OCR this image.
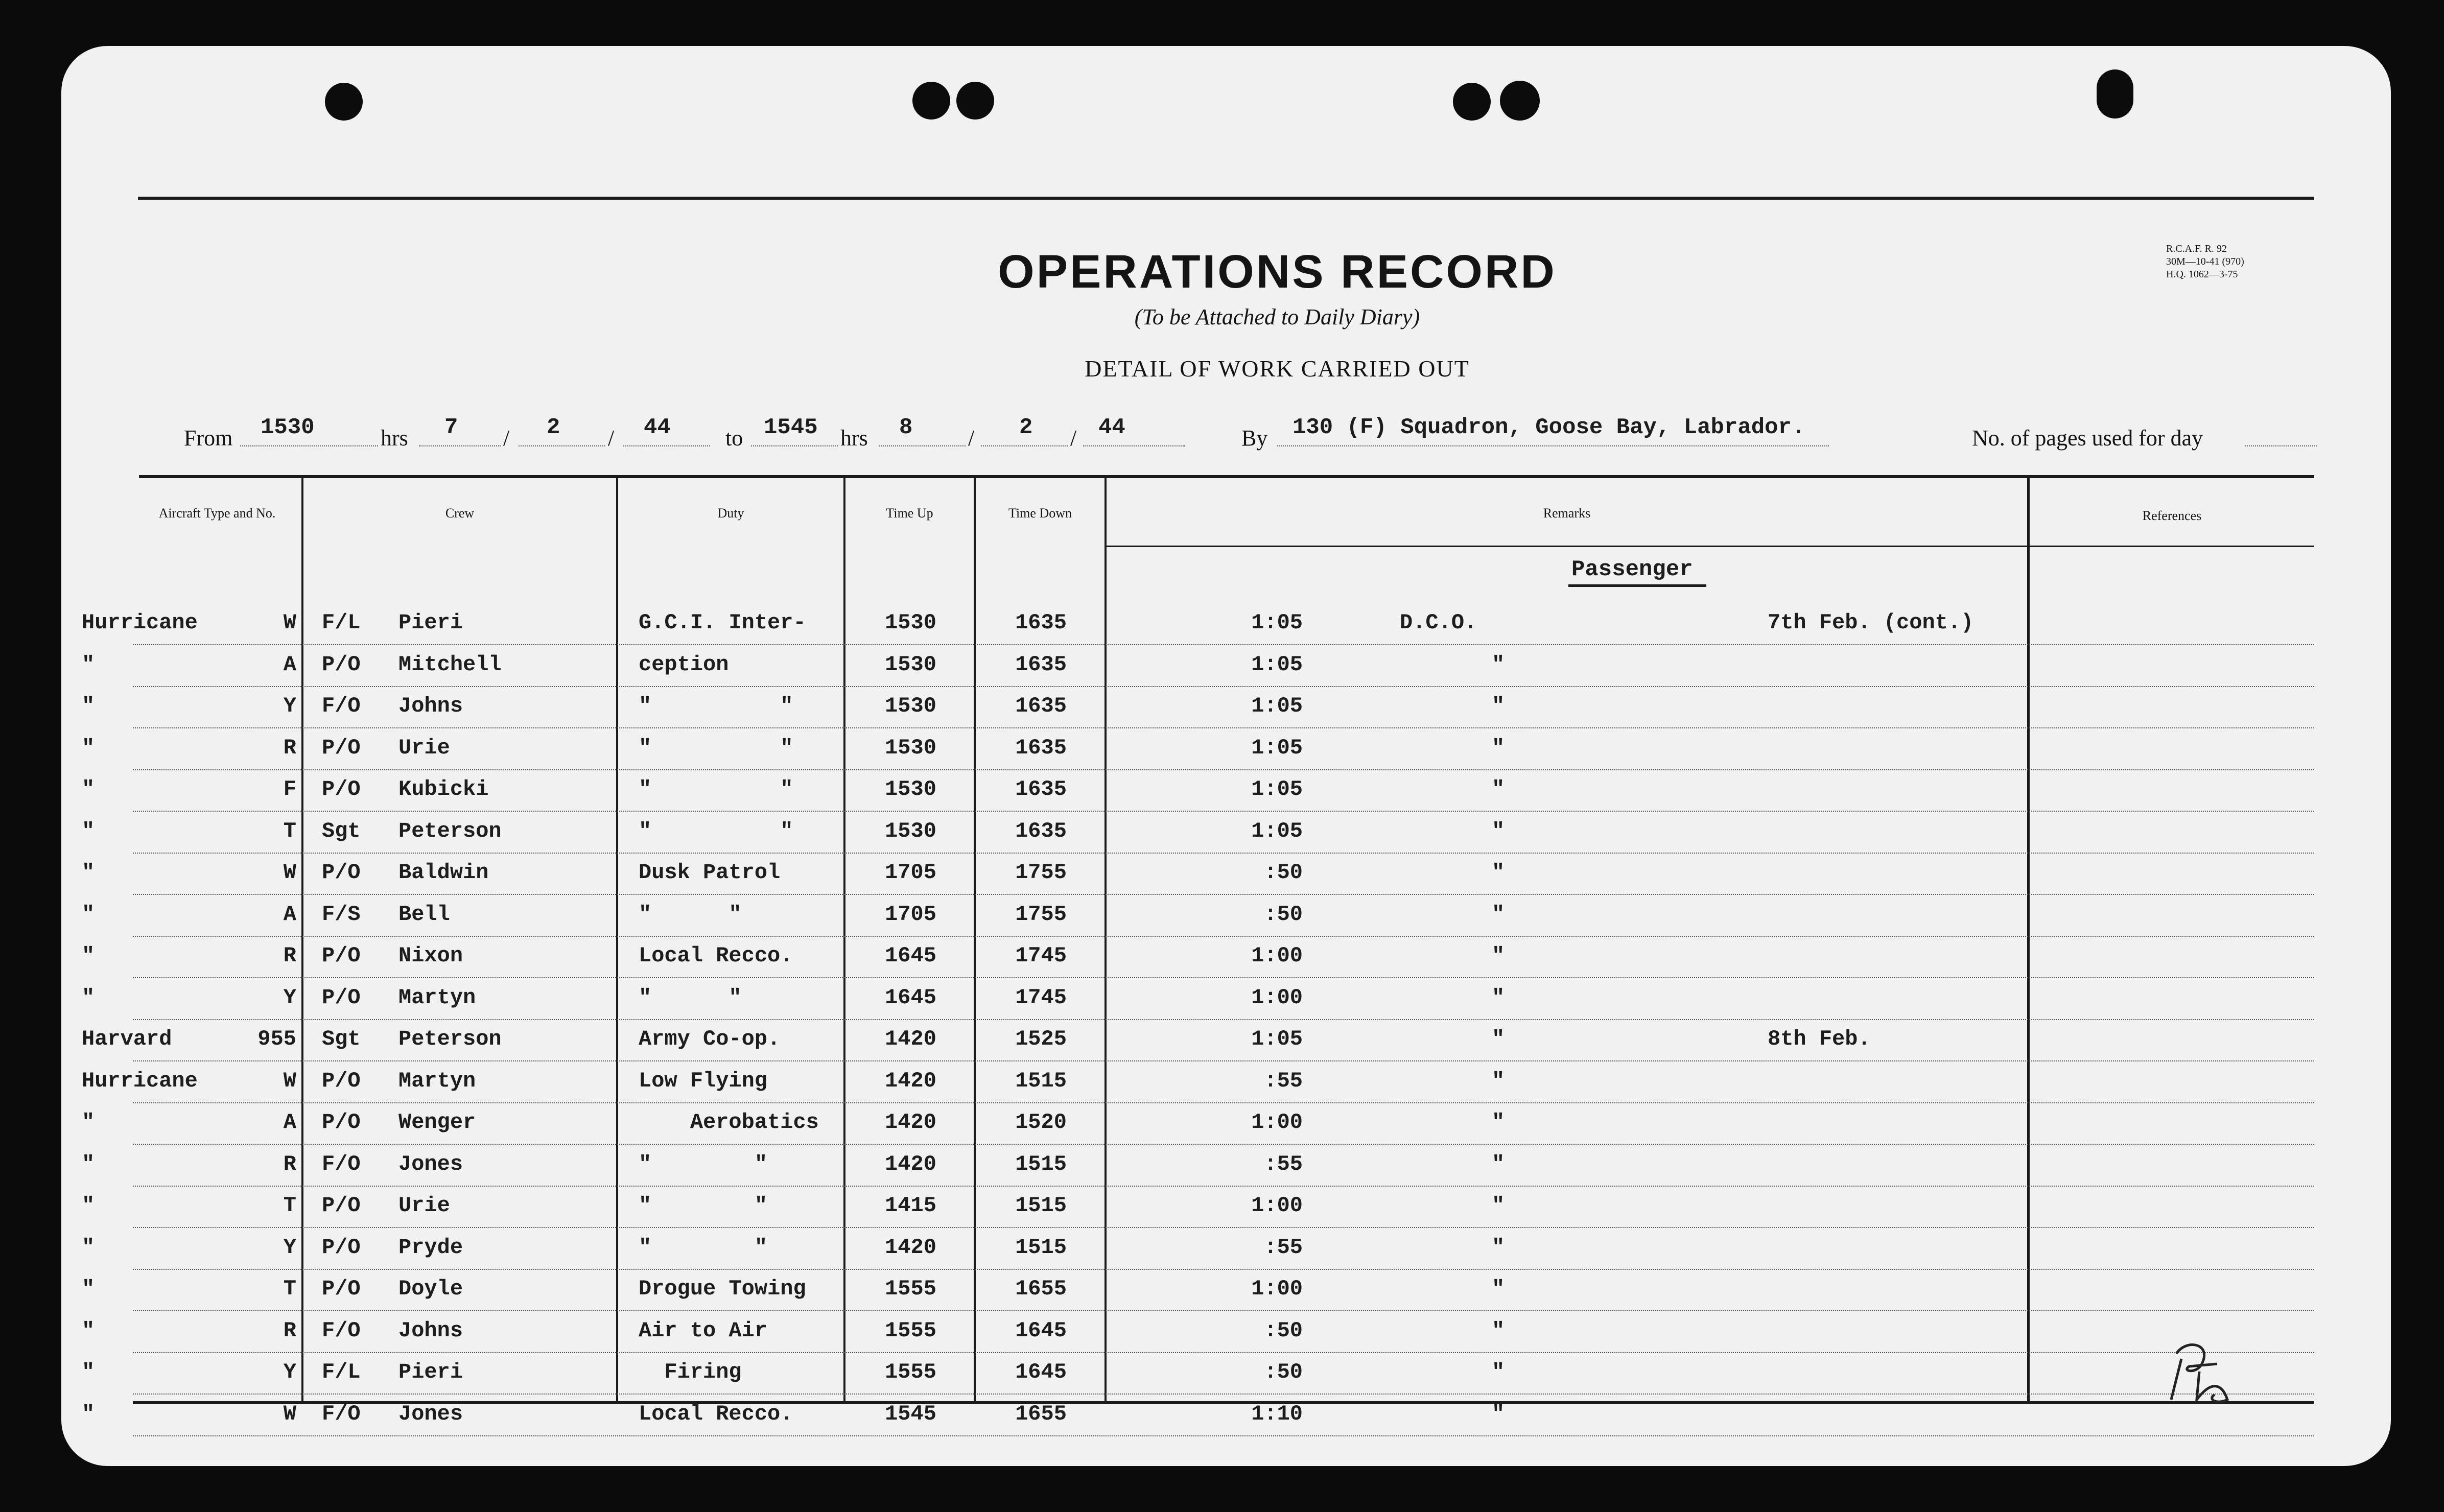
OPERATIONS RECORD
(To be Attached to Daily Diary)
DETAIL OF WORK CARRIED OUT
R.C.A.F. R. 92
30M—10-41 (970)
H.Q. 1062—3-75
From 1530	hrs 7 / 2 / 44 to 1545 hrs 8 / 2 / 44	By 130 (F) Squadron, Goose Bay, Labrador.	No. of pages used for day
Aircraft Type and No.	Crew	Duty	Time Up	Time Down	Remarks	References
Hurricane	W F/L	Pieri	G.C.I. Inter-	1530	1635	1:05	D.C.O.	7th Feb. (cont.)
"	A P/O	Mitchell	ception	1530	1635	1:05	"
"	Y F/O	Johns	"          "	1530	1635	1:05	"
"	R P/O	Urie	"          "	1530	1635	1:05	"
"	F P/O	Kubicki	"          "	1530	1635	1:05	"
"	T Sgt	Peterson	"          "	1530	1635	1:05	"
"	W P/O	Baldwin	Dusk Patrol	1705	1755	:50	"
"	A F/S	Bell	"      "	1705	1755	:50	"
"	R P/O	Nixon	Local Recco.	1645	1745	1:00	"
"	Y P/O	Martyn	"      "	1645	1745	1:00	"
Harvard	955 Sgt	Peterson	Army Co-op.	1420	1525	1:05	"	8th Feb.
Hurricane	W P/O	Martyn	Low Flying	1420	1515	:55	"
"	A P/O	Wenger	Aerobatics	1420	1520	1:00	"
"	R F/O	Jones	"        "	1420	1515	:55	"
"	T P/O	Urie	"        "	1415	1515	1:00	"
"	Y P/O	Pryde	"        "	1420	1515	:55	"
"	T P/O	Doyle	Drogue Towing	1555	1655	1:00	"
"	R F/O	Johns	Air to Air	1555	1645	:50	"
"	Y F/L	Pieri	Firing	1555	1645	:50	"
"	W F/O	Jones	Local Recco.	1545	1655	1:10	"
Passenger
